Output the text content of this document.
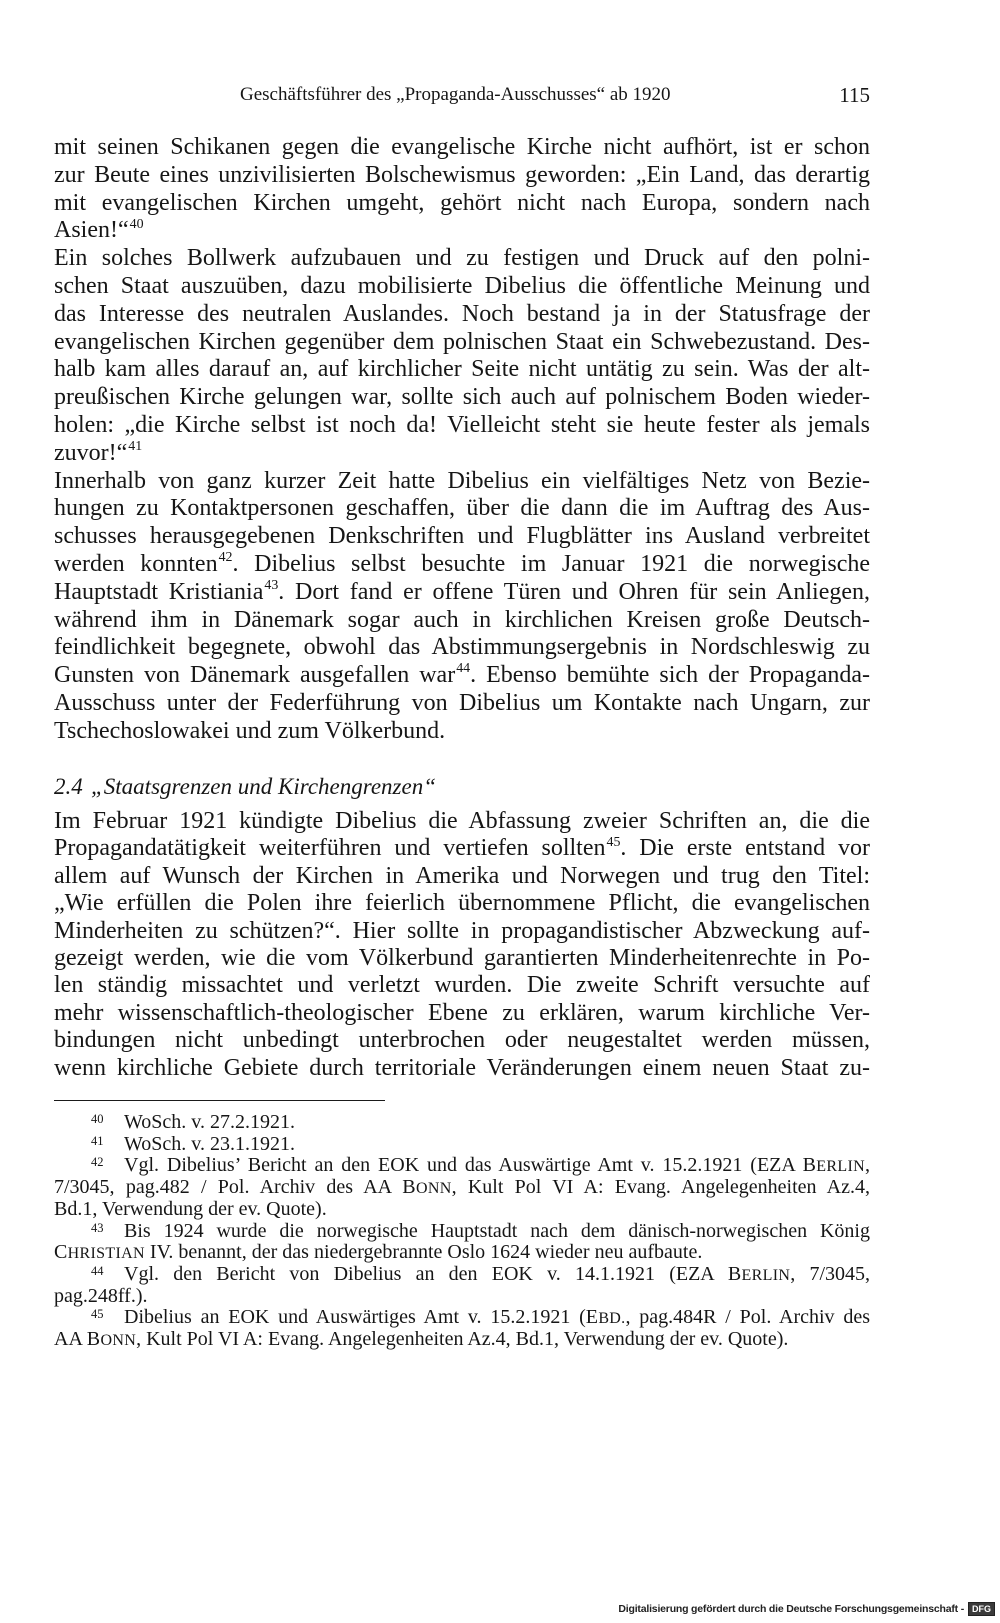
Geschäftsführer des „Propaganda-Ausschusses“ ab 1920	115
mit seinen Schikanen gegen die evangelische Kirche nicht aufhört, ist er schon
zur Beute eines unzivilisierten Bolschewismus geworden: „Ein Land, das derartig
mit evangelischen Kirchen umgeht, gehört nicht nach Europa, sondern nach
Asien!“$^{40}$
Ein solches Bollwerk aufzubauen und zu festigen und Druck auf den polni-
schen Staat auszuüben, dazu mobilisierte Dibelius die öffentliche Meinung und
das Interesse des neutralen Auslandes. Noch bestand ja in der Statusfrage der
evangelischen Kirchen gegenüber dem polnischen Staat ein Schwebezustand. Des-
halb kam alles darauf an, auf kirchlicher Seite nicht untätig zu sein. Was der alt-
preußischen Kirche gelungen war, sollte sich auch auf polnischem Boden wieder-
holen: „die Kirche selbst ist noch da! Vielleicht steht sie heute fester als jemals
zuvor!“$^{41}$
Innerhalb von ganz kurzer Zeit hatte Dibelius ein vielfältiges Netz von Bezie-
hungen zu Kontaktpersonen geschaffen, über die dann die im Auftrag des Aus-
schusses herausgegebenen Denkschriften und Flugblätter ins Ausland verbreitet
werden konnten$^{42}$. Dibelius selbst besuchte im Januar 1921 die norwegische
Hauptstadt Kristiania$^{43}$. Dort fand er offene Türen und Ohren für sein Anliegen,
während ihm in Dänemark sogar auch in kirchlichen Kreisen große Deutsch-
feindlichkeit begegnete, obwohl das Abstimmungsergebnis in Nordschleswig zu
Gunsten von Dänemark ausgefallen war$^{44}$. Ebenso bemühte sich der Propaganda-
Ausschuss unter der Federführung von Dibelius um Kontakte nach Ungarn, zur
Tschechoslowakei und zum Völkerbund.
2.4 „Staatsgrenzen und Kirchengrenzen“
Im Februar 1921 kündigte Dibelius die Abfassung zweier Schriften an, die die
Propagandatätigkeit weiterführen und vertiefen sollten$^{45}$. Die erste entstand vor
allem auf Wunsch der Kirchen in Amerika und Norwegen und trug den Titel:
„Wie erfüllen die Polen ihre feierlich übernommene Pflicht, die evangelischen
Minderheiten zu schützen?“. Hier sollte in propagandistischer Abzweckung auf-
gezeigt werden, wie die vom Völkerbund garantierten Minderheitenrechte in Po-
len ständig missachtet und verletzt wurden. Die zweite Schrift versuchte auf
mehr wissenschaftlich-theologischer Ebene zu erklären, warum kirchliche Ver-
bindungen nicht unbedingt unterbrochen oder neugestaltet werden müssen,
wenn kirchliche Gebiete durch territoriale Veränderungen einem neuen Staat zu-
40 WoSch. v. 27.2.1921.
41 WoSch. v. 23.1.1921.
42 Vgl. Dibelius’ Bericht an den EOK und das Auswärtige Amt v. 15.2.1921 (EZA BERLIN,
7/3045, pag.482 / Pol. Archiv des AA BONN, Kult Pol VI A: Evang. Angelegenheiten Az.4,
Bd.1, Verwendung der ev. Quote).
43 Bis 1924 wurde die norwegische Hauptstadt nach dem dänisch-norwegischen König
CHRISTIAN IV. benannt, der das niedergebrannte Oslo 1624 wieder neu aufbaute.
44 Vgl. den Bericht von Dibelius an den EOK v. 14.1.1921 (EZA BERLIN, 7/3045,
pag.248ff.).
45 Dibelius an EOK und Auswärtiges Amt v. 15.2.1921 (EBD., pag.484R / Pol. Archiv des
AA BONN, Kult Pol VI A: Evang. Angelegenheiten Az.4, Bd.1, Verwendung der ev. Quote).
Digitalisierung gefördert durch die Deutsche Forschungsgemeinschaft - DFG
